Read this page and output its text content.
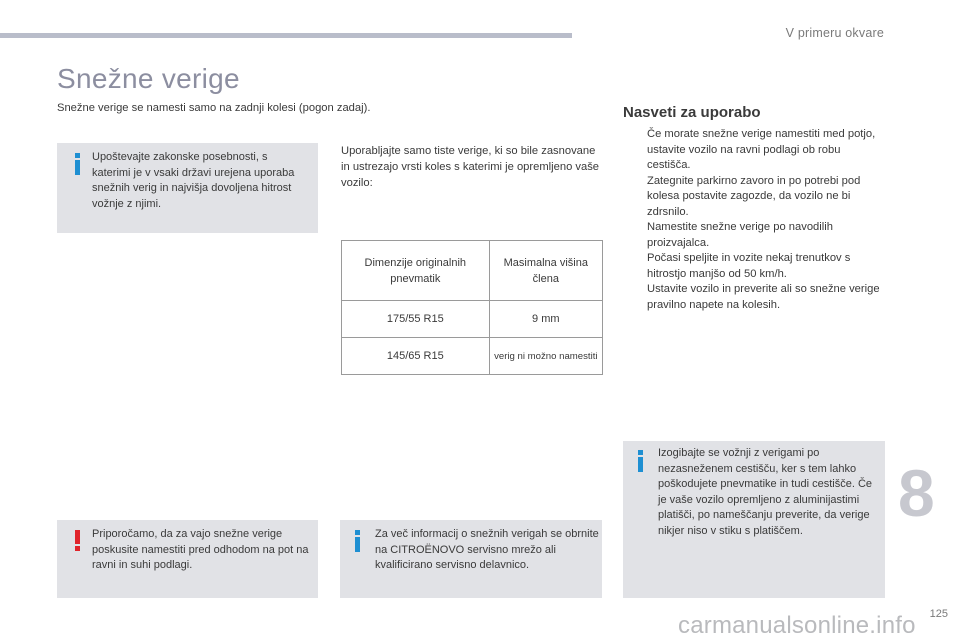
V primeru okvare
Snežne verige

Snežne verige se namesti samo na zadnji kolesi (pogon zadaj).

Upoštevajte zakonske posebnosti, s katerimi je v vsaki državi urejena uporaba snežnih verig in najvišja dovoljena hitrost vožnje z njimi.

Uporabljajte samo tiste verige, ki so bile zasnovane in ustrezajo vrsti koles s katerimi je opremljeno vaše vozilo:

Dimenzije originalnih pnevmatik	Masimalna višina člena
175/55 R15	9 mm
145/65 R15	verig ni možno namestiti
Nasveti za uporabo
Če morate snežne verige namestiti med potjo, ustavite vozilo na ravni podlagi ob robu cestišča.
Zategnite parkirno zavoro in po potrebi pod kolesa postavite zagozde, da vozilo ne bi zdrsnilo.
Namestite snežne verige po navodilih proizvajalca.
Počasi speljite in vozite nekaj trenutkov s hitrostjo manjšo od 50 km/h.
Ustavite vozilo in preverite ali so snežne verige pravilno napete na kolesih.

Priporočamo, da za vajo snežne verige poskusite namestiti pred odhodom na pot na ravni in suhi podlagi.

Za več informacij o snežnih verigah se obrnite na CITROËNOVO servisno mrežo ali kvalificirano servisno delavnico.

Izogibajte se vožnji z verigami po nezasneženem cestišču, ker s tem lahko poškodujete pnevmatike in tudi cestišče. Če je vaše vozilo opremljeno z aluminijastimi platišči, po nameščanju preverite, da verige nikjer niso v stiku s platiščem.

8
125
carmanualsonline.info
